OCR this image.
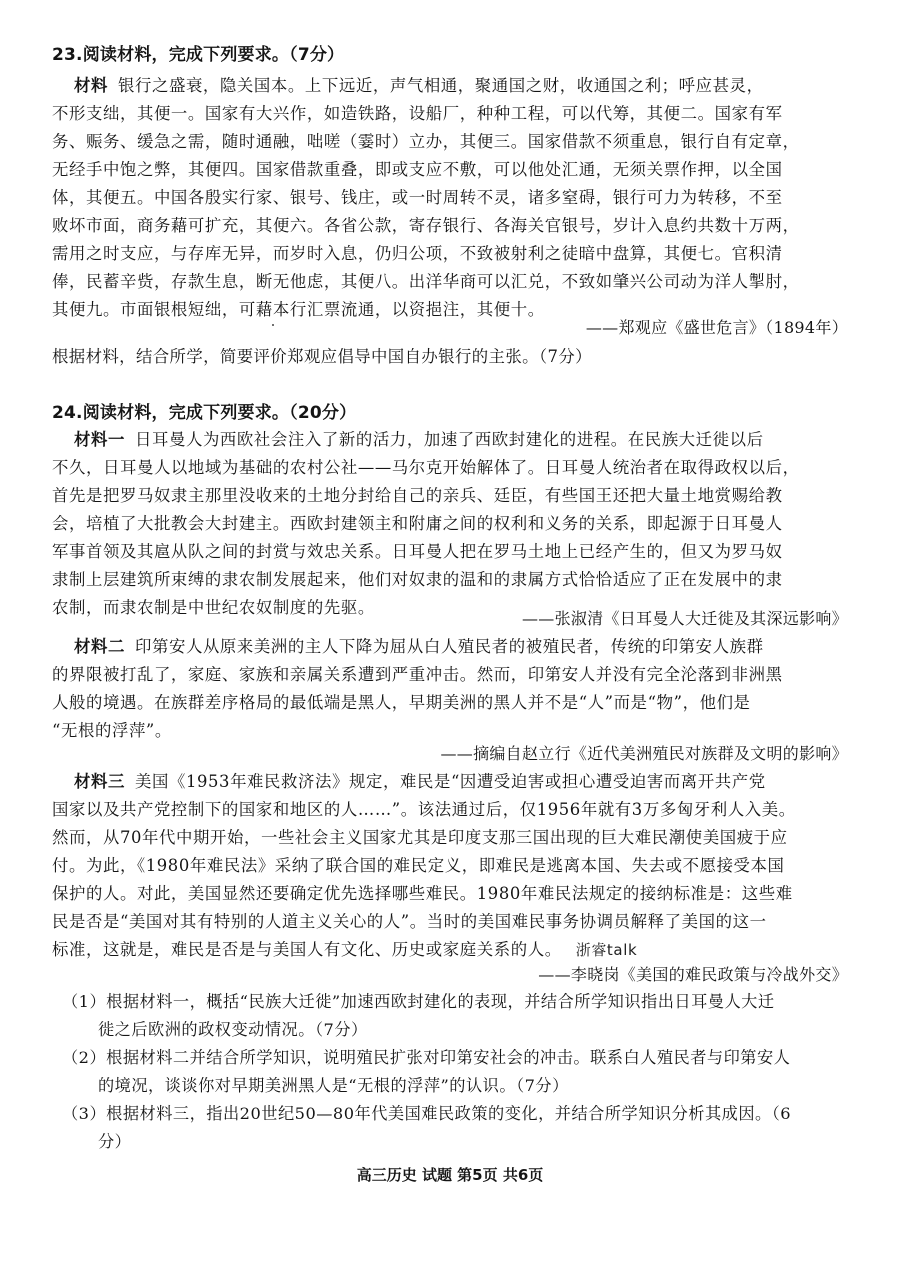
23.阅读材料，完成下列要求。（7分）
材料 银行之盛衰，隐关国本。上下远近，声气相通，聚通国之财，收通国之利；呼应甚灵，
不形支绌，其便一。国家有大兴作，如造铁路，设船厂，种种工程，可以代筹，其便二。国家有军
务、赈务、缓急之需，随时通融，咄嗟（霎时）立办，其便三。国家借款不须重息，银行自有定章，
无经手中饱之弊，其便四。国家借款重叠，即或支应不敷，可以他处汇通，无须关票作押，以全国
体，其便五。中国各殷实行家、银号、钱庄，或一时周转不灵，诸多窒碍，银行可力为转移，不至
败坏市面，商务藉可扩充，其便六。各省公款，寄存银行、各海关官银号，岁计入息约共数十万两，
需用之时支应，与存库无异，而岁时入息，仍归公项，不致被射利之徒暗中盘算，其便七。官积清
俸，民蓄辛赀，存款生息，断无他虑，其便八。出洋华商可以汇兑，不致如肇兴公司动为洋人掣肘，
其便九。市面银根短绌，可藉本行汇票流通，以资挹注，其便十。
——郑观应《盛世危言》（1894年）
根据材料，结合所学，简要评价郑观应倡导中国自办银行的主张。（7分）
24.阅读材料，完成下列要求。（20分）
材料一 日耳曼人为西欧社会注入了新的活力，加速了西欧封建化的进程。在民族大迁徙以后
不久，日耳曼人以地域为基础的农村公社——马尔克开始解体了。日耳曼人统治者在取得政权以后，
首先是把罗马奴隶主那里没收来的土地分封给自己的亲兵、廷臣，有些国王还把大量土地赏赐给教
会，培植了大批教会大封建主。西欧封建领主和附庸之间的权利和义务的关系，即起源于日耳曼人
军事首领及其扈从队之间的封赏与效忠关系。日耳曼人把在罗马土地上已经产生的，但又为罗马奴
隶制上层建筑所束缚的隶农制发展起来，他们对奴隶的温和的隶属方式恰恰适应了正在发展中的隶
农制，而隶农制是中世纪农奴制度的先驱。
——张淑清《日耳曼人大迁徙及其深远影响》
材料二 印第安人从原来美洲的主人下降为屈从白人殖民者的被殖民者，传统的印第安人族群
的界限被打乱了，家庭、家族和亲属关系遭到严重冲击。然而，印第安人并没有完全沦落到非洲黑
人般的境遇。在族群差序格局的最低端是黑人，早期美洲的黑人并不是“人”而是“物”，他们是
“无根的浮萍”。
——摘编自赵立行《近代美洲殖民对族群及文明的影响》
材料三 美国《1953年难民救济法》规定，难民是“因遭受迫害或担心遭受迫害而离开共产党
国家以及共产党控制下的国家和地区的人……”。该法通过后，仅1956年就有3万多匈牙利人入美。
然而，从70年代中期开始，一些社会主义国家尤其是印度支那三国出现的巨大难民潮使美国疲于应
付。为此，《1980年难民法》采纳了联合国的难民定义，即难民是逃离本国、失去或不愿接受本国
保护的人。对此，美国显然还要确定优先选择哪些难民。1980年难民法规定的接纳标准是：这些难
民是否是“美国对其有特别的人道主义关心的人”。当时的美国难民事务协调员解释了美国的这一
标准，这就是，难民是否是与美国人有文化、历史或家庭关系的人。 浙睿talk
——李晓岗《美国的难民政策与冷战外交》
（1）根据材料一，概括“民族大迁徙”加速西欧封建化的表现，并结合所学知识指出日耳曼人大迁
徙之后欧洲的政权变动情况。（7分）
（2）根据材料二并结合所学知识，说明殖民扩张对印第安社会的冲击。联系白人殖民者与印第安人
的境况，谈谈你对早期美洲黑人是“无根的浮萍”的认识。（7分）
（3）根据材料三，指出20世纪50—80年代美国难民政策的变化，并结合所学知识分析其成因。（6
分）
高三历史 试题 第5页 共6页
